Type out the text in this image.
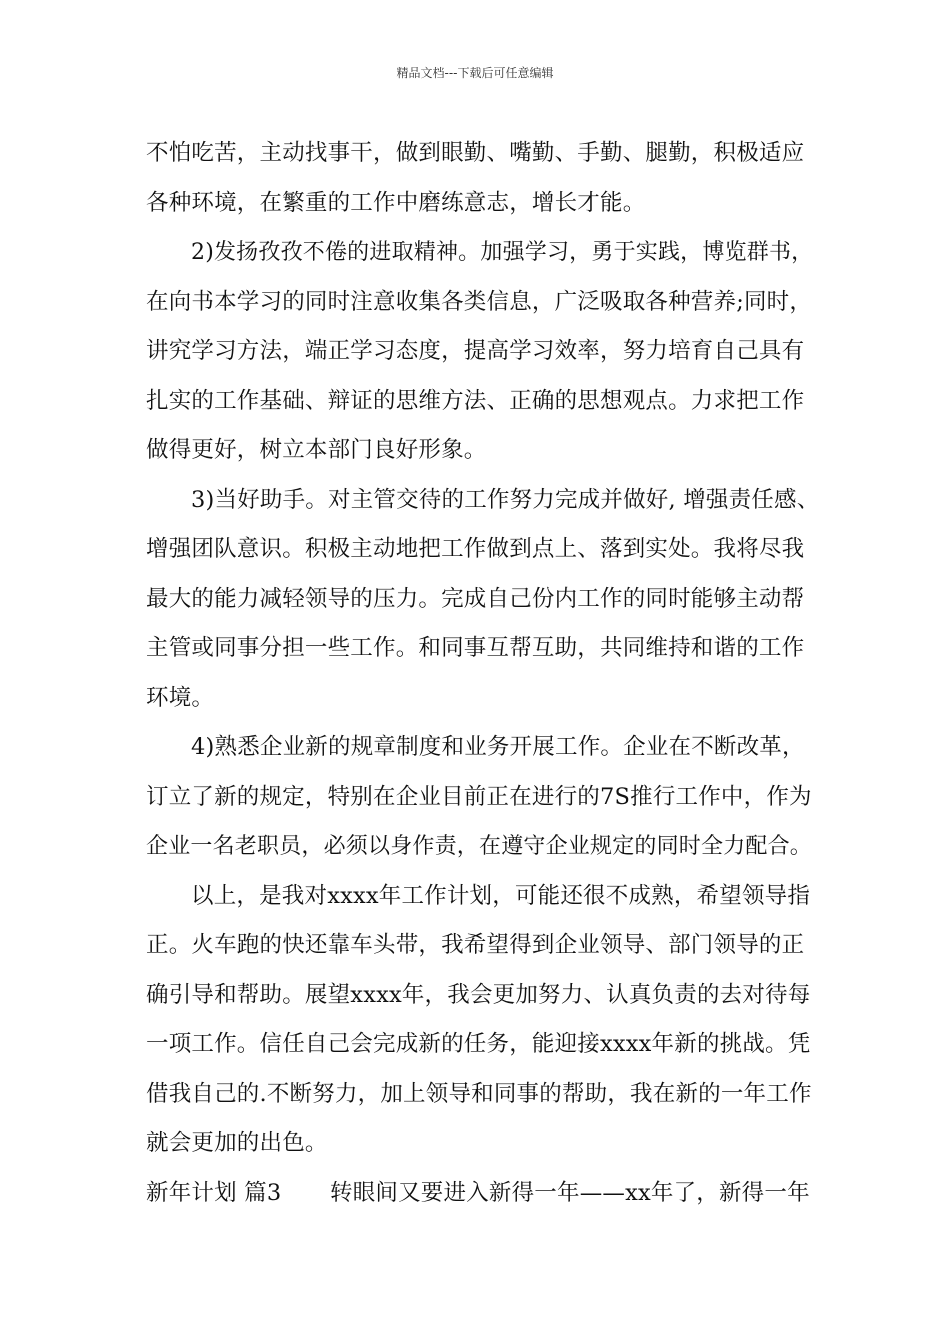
精品文档---下载后可任意编辑
不怕吃苦，主动找事干，做到眼勤、嘴勤、手勤、腿勤，积极适应
各种环境，在繁重的工作中磨练意志，增长才能。
2)发扬孜孜不倦的进取精神。加强学习，勇于实践，博览群书，
在向书本学习的同时注意收集各类信息，广泛吸取各种营养;同时，
讲究学习方法，端正学习态度，提高学习效率，努力培育自己具有
扎实的工作基础、辩证的思维方法、正确的思想观点。力求把工作
做得更好，树立本部门良好形象。
3)当好助手。对主管交待的工作努力完成并做好, 增强责任感、
增强团队意识。积极主动地把工作做到点上、落到实处。我将尽我
最大的能力减轻领导的压力。完成自己份内工作的同时能够主动帮
主管或同事分担一些工作。和同事互帮互助，共同维持和谐的工作
环境。
4)熟悉企业新的规章制度和业务开展工作。企业在不断改革，
订立了新的规定，特别在企业目前正在进行的7S推行工作中，作为
企业一名老职员，必须以身作责，在遵守企业规定的同时全力配合。
以上，是我对xxxx年工作计划，可能还很不成熟，希望领导指
正。火车跑的快还靠车头带，我希望得到企业领导、部门领导的正
确引导和帮助。展望xxxx年，我会更加努力、认真负责的去对待每
一项工作。信任自己会完成新的任务，能迎接xxxx年新的挑战。凭
借我自己的.不断努力，加上领导和同事的帮助，我在新的一年工作
就会更加的出色。
新年计划 篇3 转眼间又要进入新得一年——xx年了，新得一年
